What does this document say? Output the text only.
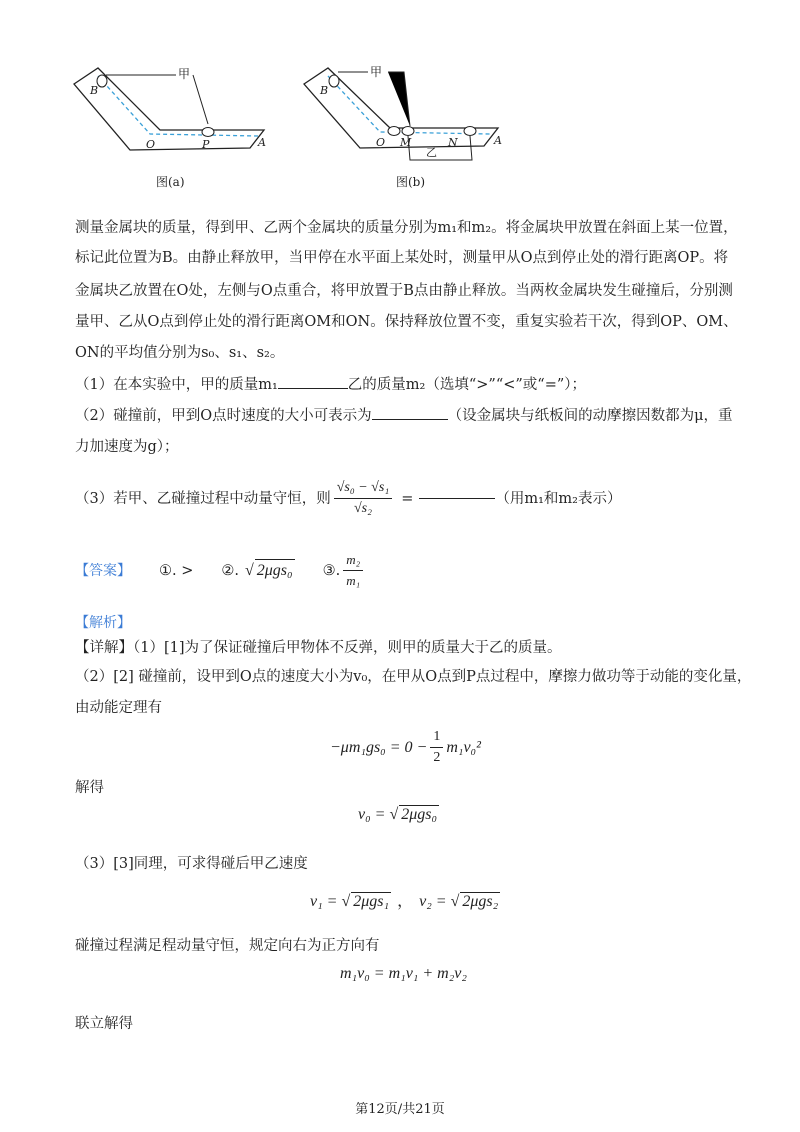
甲
B
O	P	A
图(a)
甲
B
O M	N	A
乙
图(b)
测量金属块的质量，得到甲、乙两个金属块的质量分别为m₁和m₂。将金属块甲放置在斜面上某一位置，
标记此位置为B。由静止释放甲，当甲停在水平面上某处时，测量甲从O点到停止处的滑行距离OP。将
金属块乙放置在O处，左侧与O点重合，将甲放置于B点由静止释放。当两枚金属块发生碰撞后，分别测
量甲、乙从O点到停止处的滑行距离OM和ON。保持释放位置不变，重复实验若干次，得到OP、OM、
ON的平均值分别为s₀、s₁、s₂。
（1）在本实验中，甲的质量m₁	乙的质量m₂（选填“>”“<”或“=”）；
（2）碰撞前，甲到O点时速度的大小可表示为	（设金属块与纸板间的动摩擦因数都为μ，重
力加速度为g）；
（3）若甲、乙碰撞过程中动量守恒，则 $\frac{\text{√s₀ − √s₁}}{\text{√s₂}}$ =	（用m₁和m₂表示）
【答案】 ①. > ②. √ 2μgs₀ ③. $\frac{\text{m₂}}{\text{m₁}}$
【解析】
【详解】（1）[1]为了保证碰撞后甲物体不反弹，则甲的质量大于乙的质量。
（2）[2] 碰撞前，设甲到O点的速度大小为v₀，在甲从O点到P点过程中，摩擦力做功等于动能的变化量，
由动能定理有
$-\mu m_1gs_0 = 0 - \frac{1}{2} m_1v_0^2$
解得
v₀ = √ 2μgs₀
（3）[3]同理，可求得碰后甲乙速度
v₁ = √ 2μgs₁ ， v₂ = √ 2μgs₂
碰撞过程满足程动量守恒，规定向右为正方向有
m₁v₀ = m₁v₁ + m₂v₂
联立解得
第12页/共21页
